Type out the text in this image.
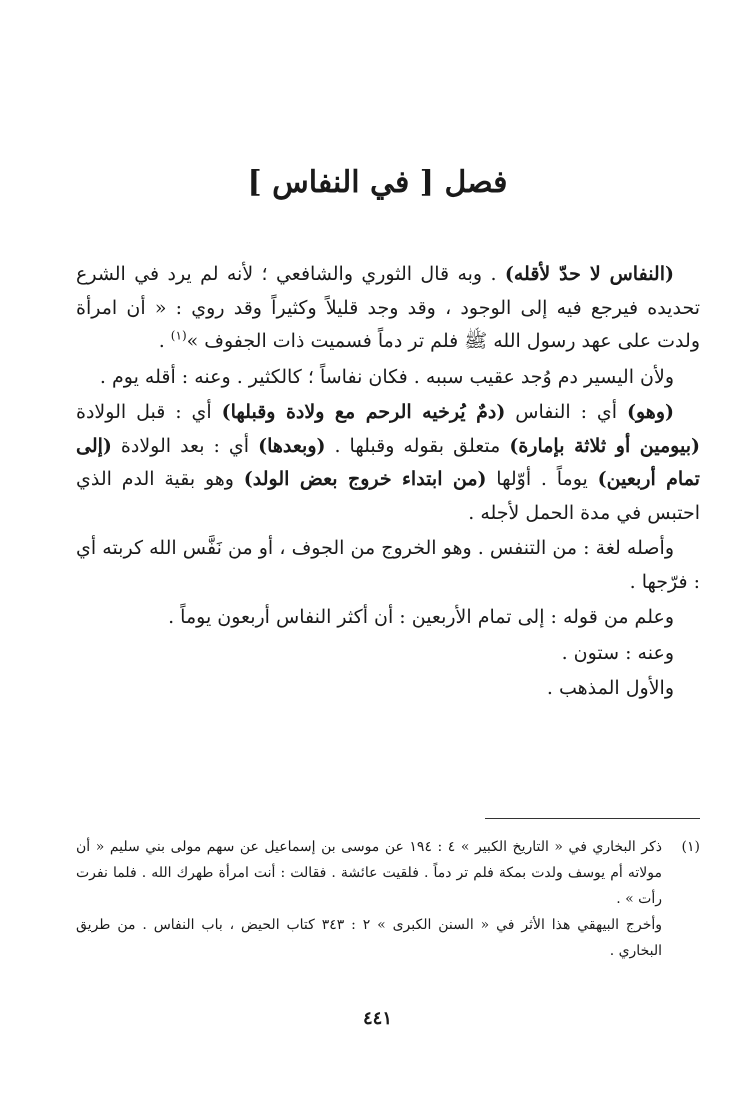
فصل [ في النفاس ]

(النفاس لا حدّ لأقله) . وبه قال الثوري والشافعي ؛ لأنه لم يرد في الشرع تحديده فيرجع فيه إلى الوجود ، وقد وجد قليلاً وكثيراً وقد روي : « أن امرأة ولدت على عهد رسول الله ﷺ فلم تر دماً فسميت ذات الجفوف »$^{(١)}$ .

ولأن اليسير دم وُجد عقيب سببه . فكان نفاساً ؛ كالكثير . وعنه : أقله يوم .

(وهو) أي : النفاس (دمٌ يُرخيه الرحم مع ولادة وقبلها) أي : قبل الولادة (بيومين أو ثلاثة بإمارة) متعلق بقوله وقبلها . (وبعدها) أي : بعد الولادة (إلى تمام أربعين) يوماً . أوّلها (من ابتداء خروج بعض الولد) وهو بقية الدم الذي احتبس في مدة الحمل لأجله .

وأصله لغة : من التنفس . وهو الخروج من الجوف ، أو من نَفَّس الله كربته أي : فرّجها .

وعلم من قوله : إلى تمام الأربعين : أن أكثر النفاس أربعون يوماً .

وعنه : ستون .

والأول المذهب .

(١)
ذكر البخاري في « التاريخ الكبير » ٤ : ١٩٤ عن موسى بن إسماعيل عن سهم مولى بني سليم « أن مولاته أم يوسف ولدت بمكة فلم تر دماً . فلقيت عائشة . فقالت : أنت امرأة طهرك الله . فلما نفرت رأت » .

وأخرج البيهقي هذا الأثر في « السنن الكبرى » ٢ : ٣٤٣ كتاب الحيض ، باب النفاس . من طريق البخاري .

٤٤١
